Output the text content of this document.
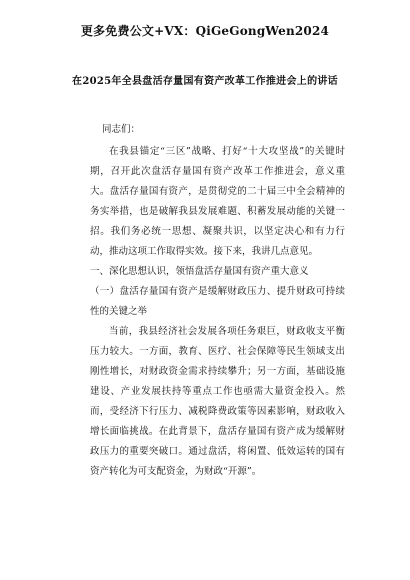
更多免费公文+VX：QiGeGongWen2024
在2025年全县盘活存量国有资产改革工作推进会上的讲话

同志们：

在我县锚定“三区”战略、打好“十大攻坚战”的关键时期，召开此次盘活存量国有资产改革工作推进会，意义重大。盘活存量国有资产，是贯彻党的二十届三中全会精神的务实举措，也是破解我县发展难题、积蓄发展动能的关键一招。我们务必统一思想、凝聚共识，以坚定决心和有力行动，推动这项工作取得实效。接下来，我讲几点意见。

一、深化思想认识，领悟盘活存量国有资产重大意义

（一）盘活存量国有资产是缓解财政压力、提升财政可持续性的关键之举

当前，我县经济社会发展各项任务艰巨，财政收支平衡压力较大。一方面，教育、医疗、社会保障等民生领域支出刚性增长，对财政资金需求持续攀升；另一方面，基础设施建设、产业发展扶持等重点工作也亟需大量资金投入。然而，受经济下行压力、减税降费政策等因素影响，财政收入增长面临挑战。在此背景下，盘活存量国有资产成为缓解财政压力的重要突破口。通过盘活，将闲置、低效运转的国有资产转化为可支配资金，为财政“开源”。
